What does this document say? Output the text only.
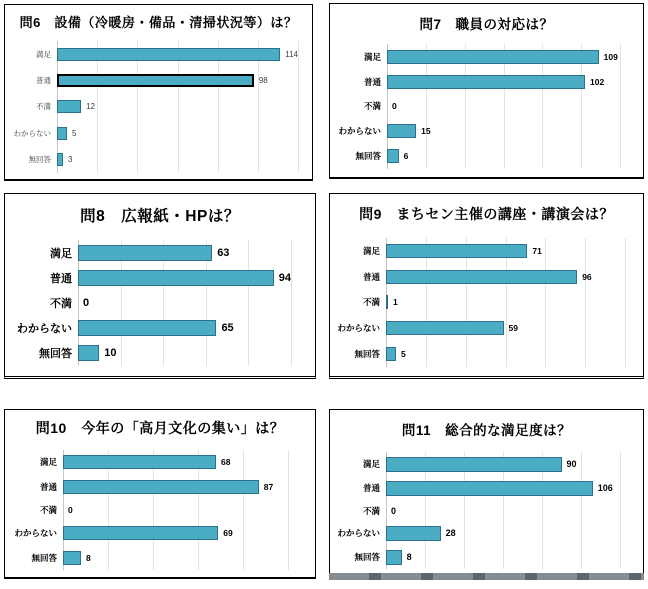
問6　設備（冷暖房・備品・清掃状況等）は？
満足	114
普通	98
不満	12
わからない	5
無回答	3
問7　職員の対応は？
満足	109
普通	102
不満	0
わからない	15
無回答	6
問8　広報紙・HPは？
満足	63
普通	94
不満	0
わからない	65
無回答	10
問9　まちセン主催の講座・講演会は？
満足	71
普通	96
不満	1
わからない	59
無回答	5
問10　今年の「高月文化の集い」は？
満足	68
普通	87
不満	0
わからない	69
無回答	8
問11　総合的な満足度は？
満足	90
普通	106
不満	0
わからない	28
無回答	8
